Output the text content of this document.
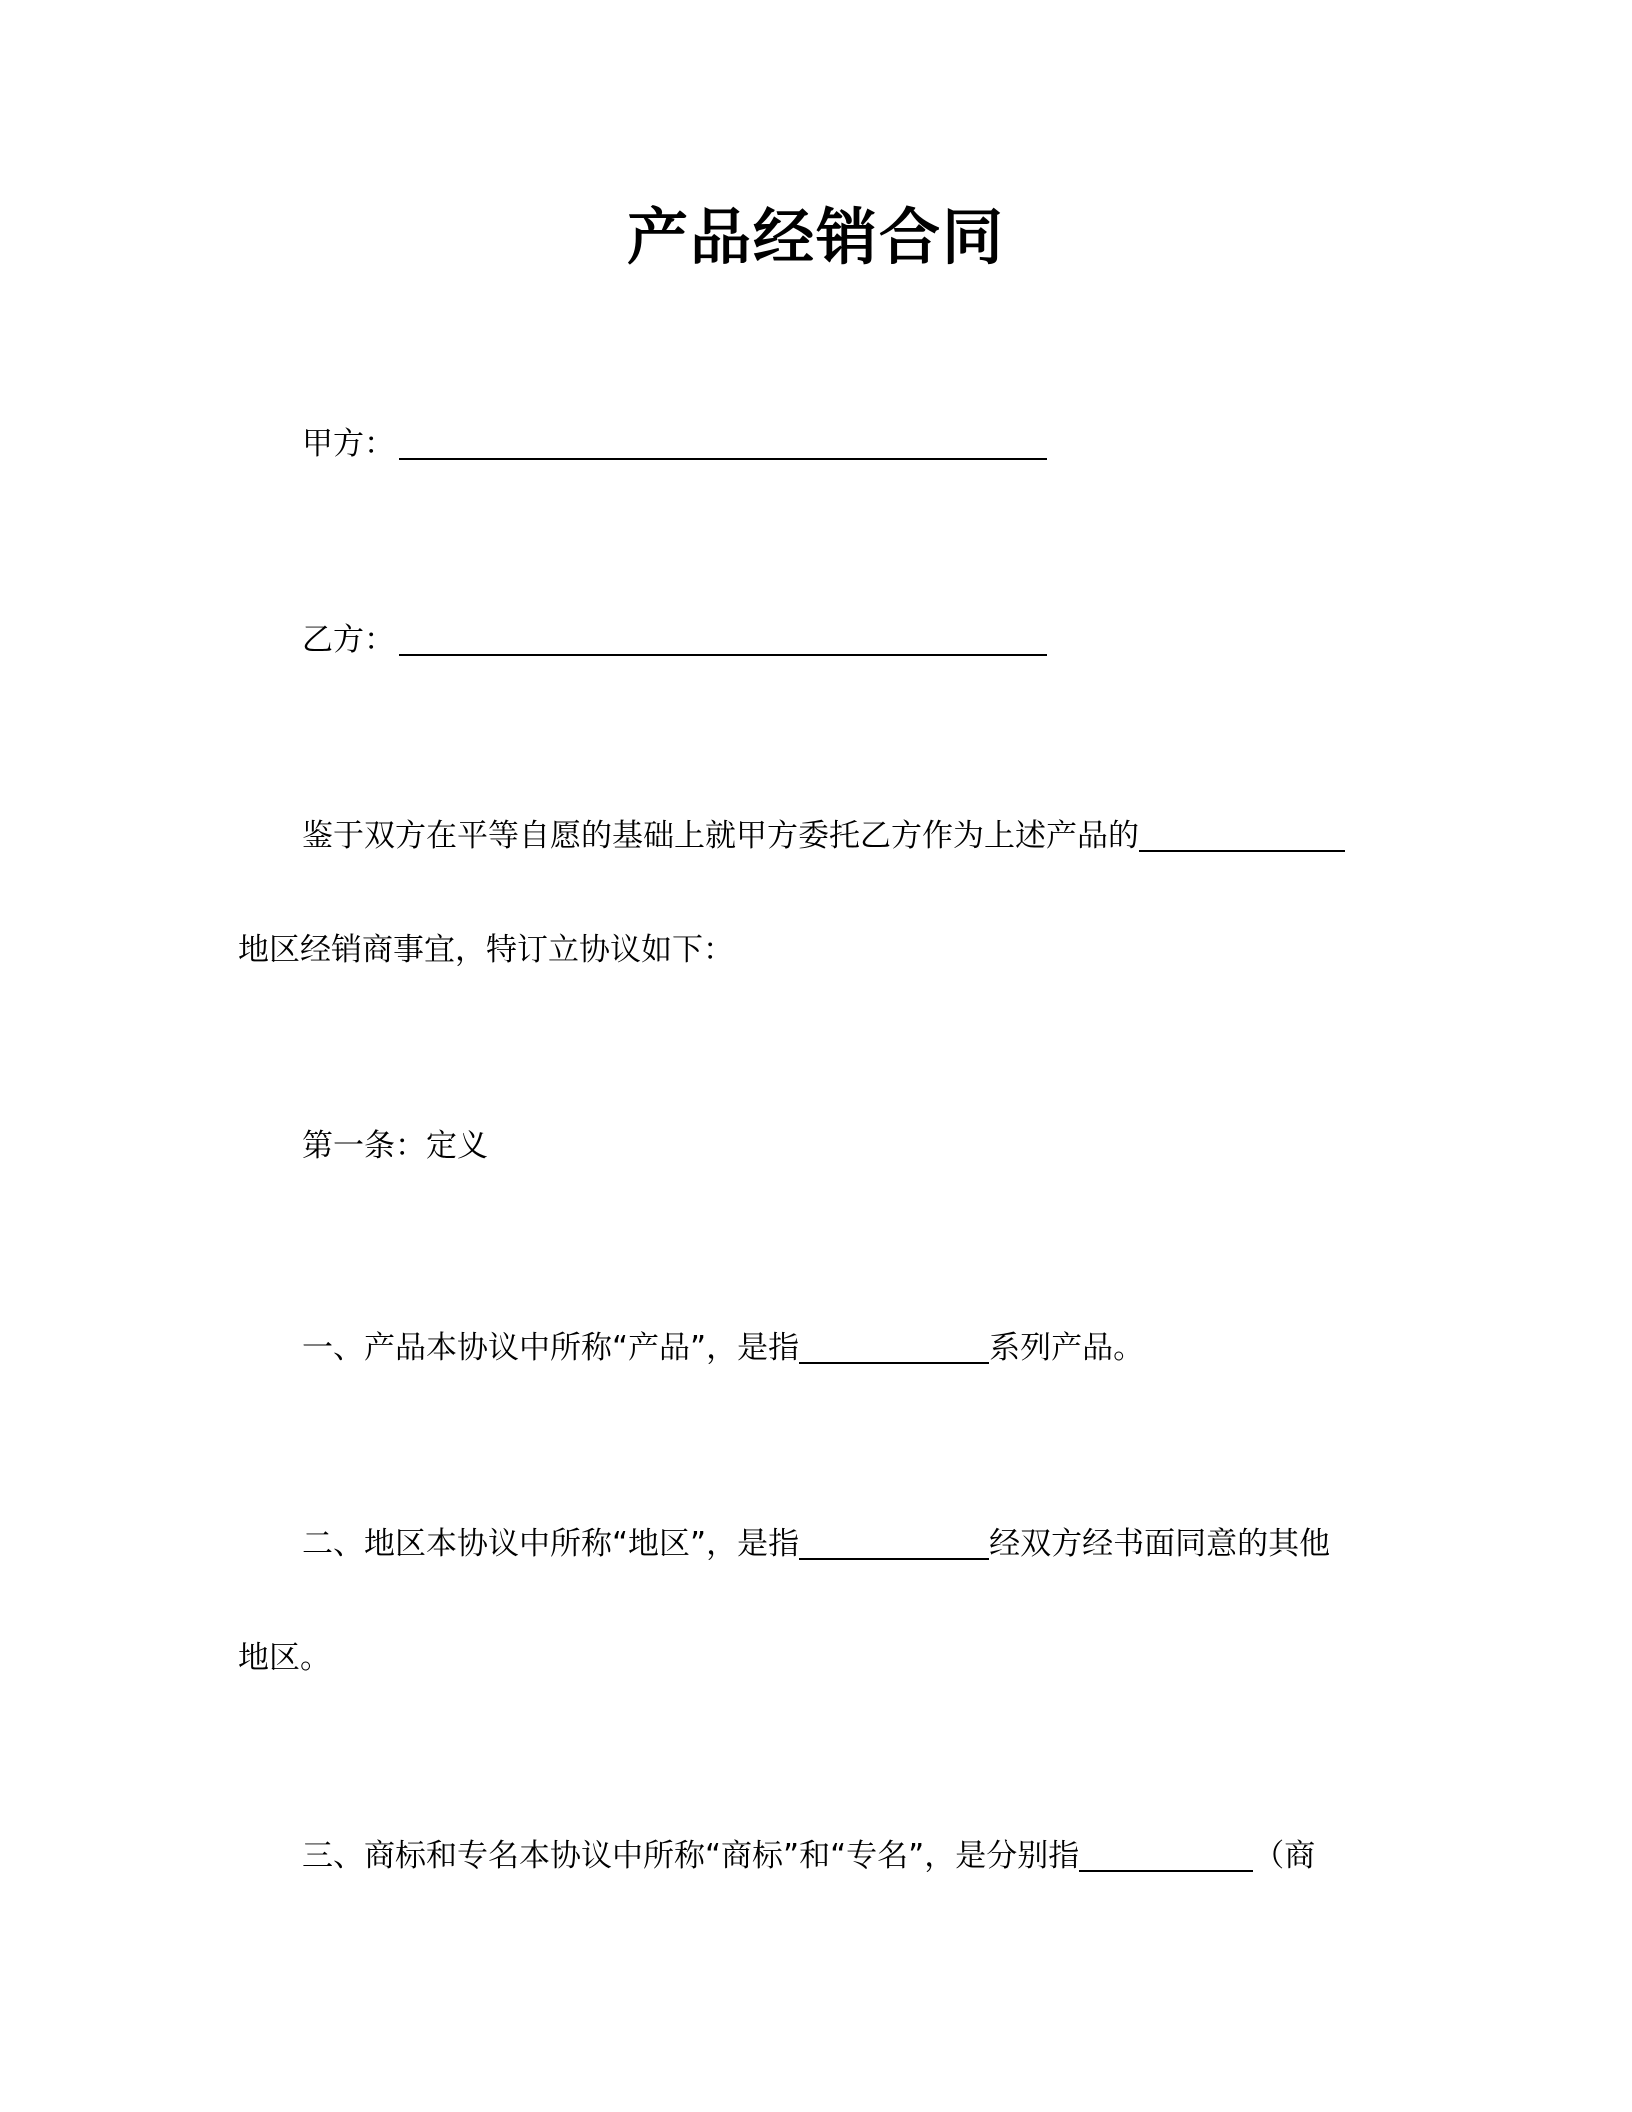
产品经销合同
甲方：
乙方：
鉴于双方在平等自愿的基础上就甲方委托乙方作为上述产品的
地区经销商事宜，特订立协议如下：
第一条：定义
一、产品本协议中所称“产品”，是指	系列产品。
二、地区本协议中所称“地区”，是指	经双方经书面同意的其他
地区。
三、商标和专名本协议中所称“商标”和“专名”，是分别指	（商
